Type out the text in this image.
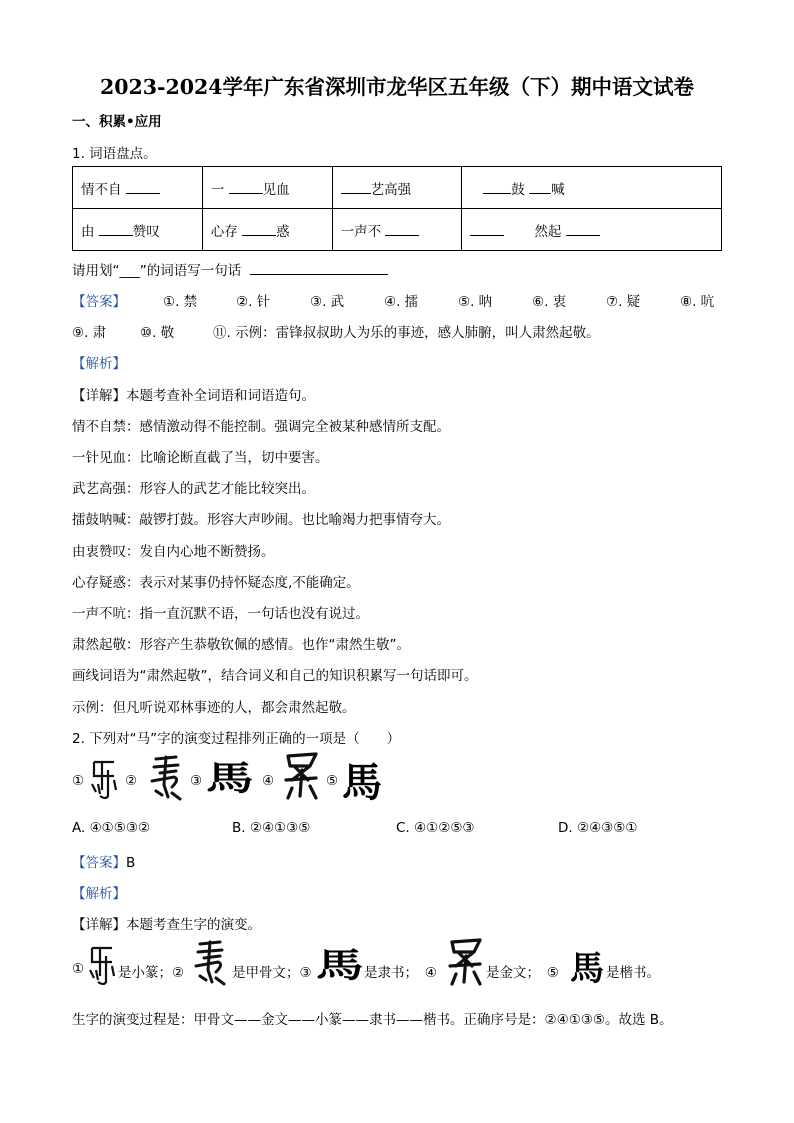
2023-2024学年广东省深圳市龙华区五年级（下）期中语文试卷
一、积累•应用
1. 词语盘点。
情不自	一 见血	艺高强	鼓 喊
由 赞叹	心存 惑	一声不	然起
请用划“___”的词语写一句话
【答案】	①. 禁	②. 针	③. 武	④. 擂	⑤. 呐	⑥. 衷	⑦. 疑	⑧. 吭
⑨. 肃	⑩. 敬	⑪. 示例：雷锋叔叔助人为乐的事迹，感人肺腑，叫人肃然起敬。
【解析】
【详解】本题考查补全词语和词语造句。
情不自禁：感情激动得不能控制。强调完全被某种感情所支配。
一针见血：比喻论断直截了当，切中要害。
武艺高强：形容人的武艺才能比较突出。
擂鼓呐喊：敲锣打鼓。形容大声吵闹。也比喻竭力把事情夸大。
由衷赞叹：发自内心地不断赞扬。
心存疑惑：表示对某事仍持怀疑态度,不能确定。
一声不吭：指一直沉默不语，一句话也没有说过。
肃然起敬：形容产生恭敬钦佩的感情。也作“肃然生敬”。
画线词语为“肃然起敬”，结合词义和自己的知识积累写一句话即可。
示例：但凡听说邓林事迹的人，都会肃然起敬。
2. 下列对“马”字的演变过程排列正确的一项是（　　）
①	②	③ 馬 ④	⑤ 馬
A. ④①⑤③②	B. ②④①③⑤	C. ④①②⑤③	D. ②④③⑤①
【答案】B
【解析】
【详解】本题考查生字的演变。
①	是小篆；②	是甲骨文；③ 馬 是隶书；　④	是金文；　⑤ 馬 是楷书。
生字的演变过程是：甲骨文——金文——小篆——隶书——楷书。正确序号是：②④①③⑤。故选 B。
